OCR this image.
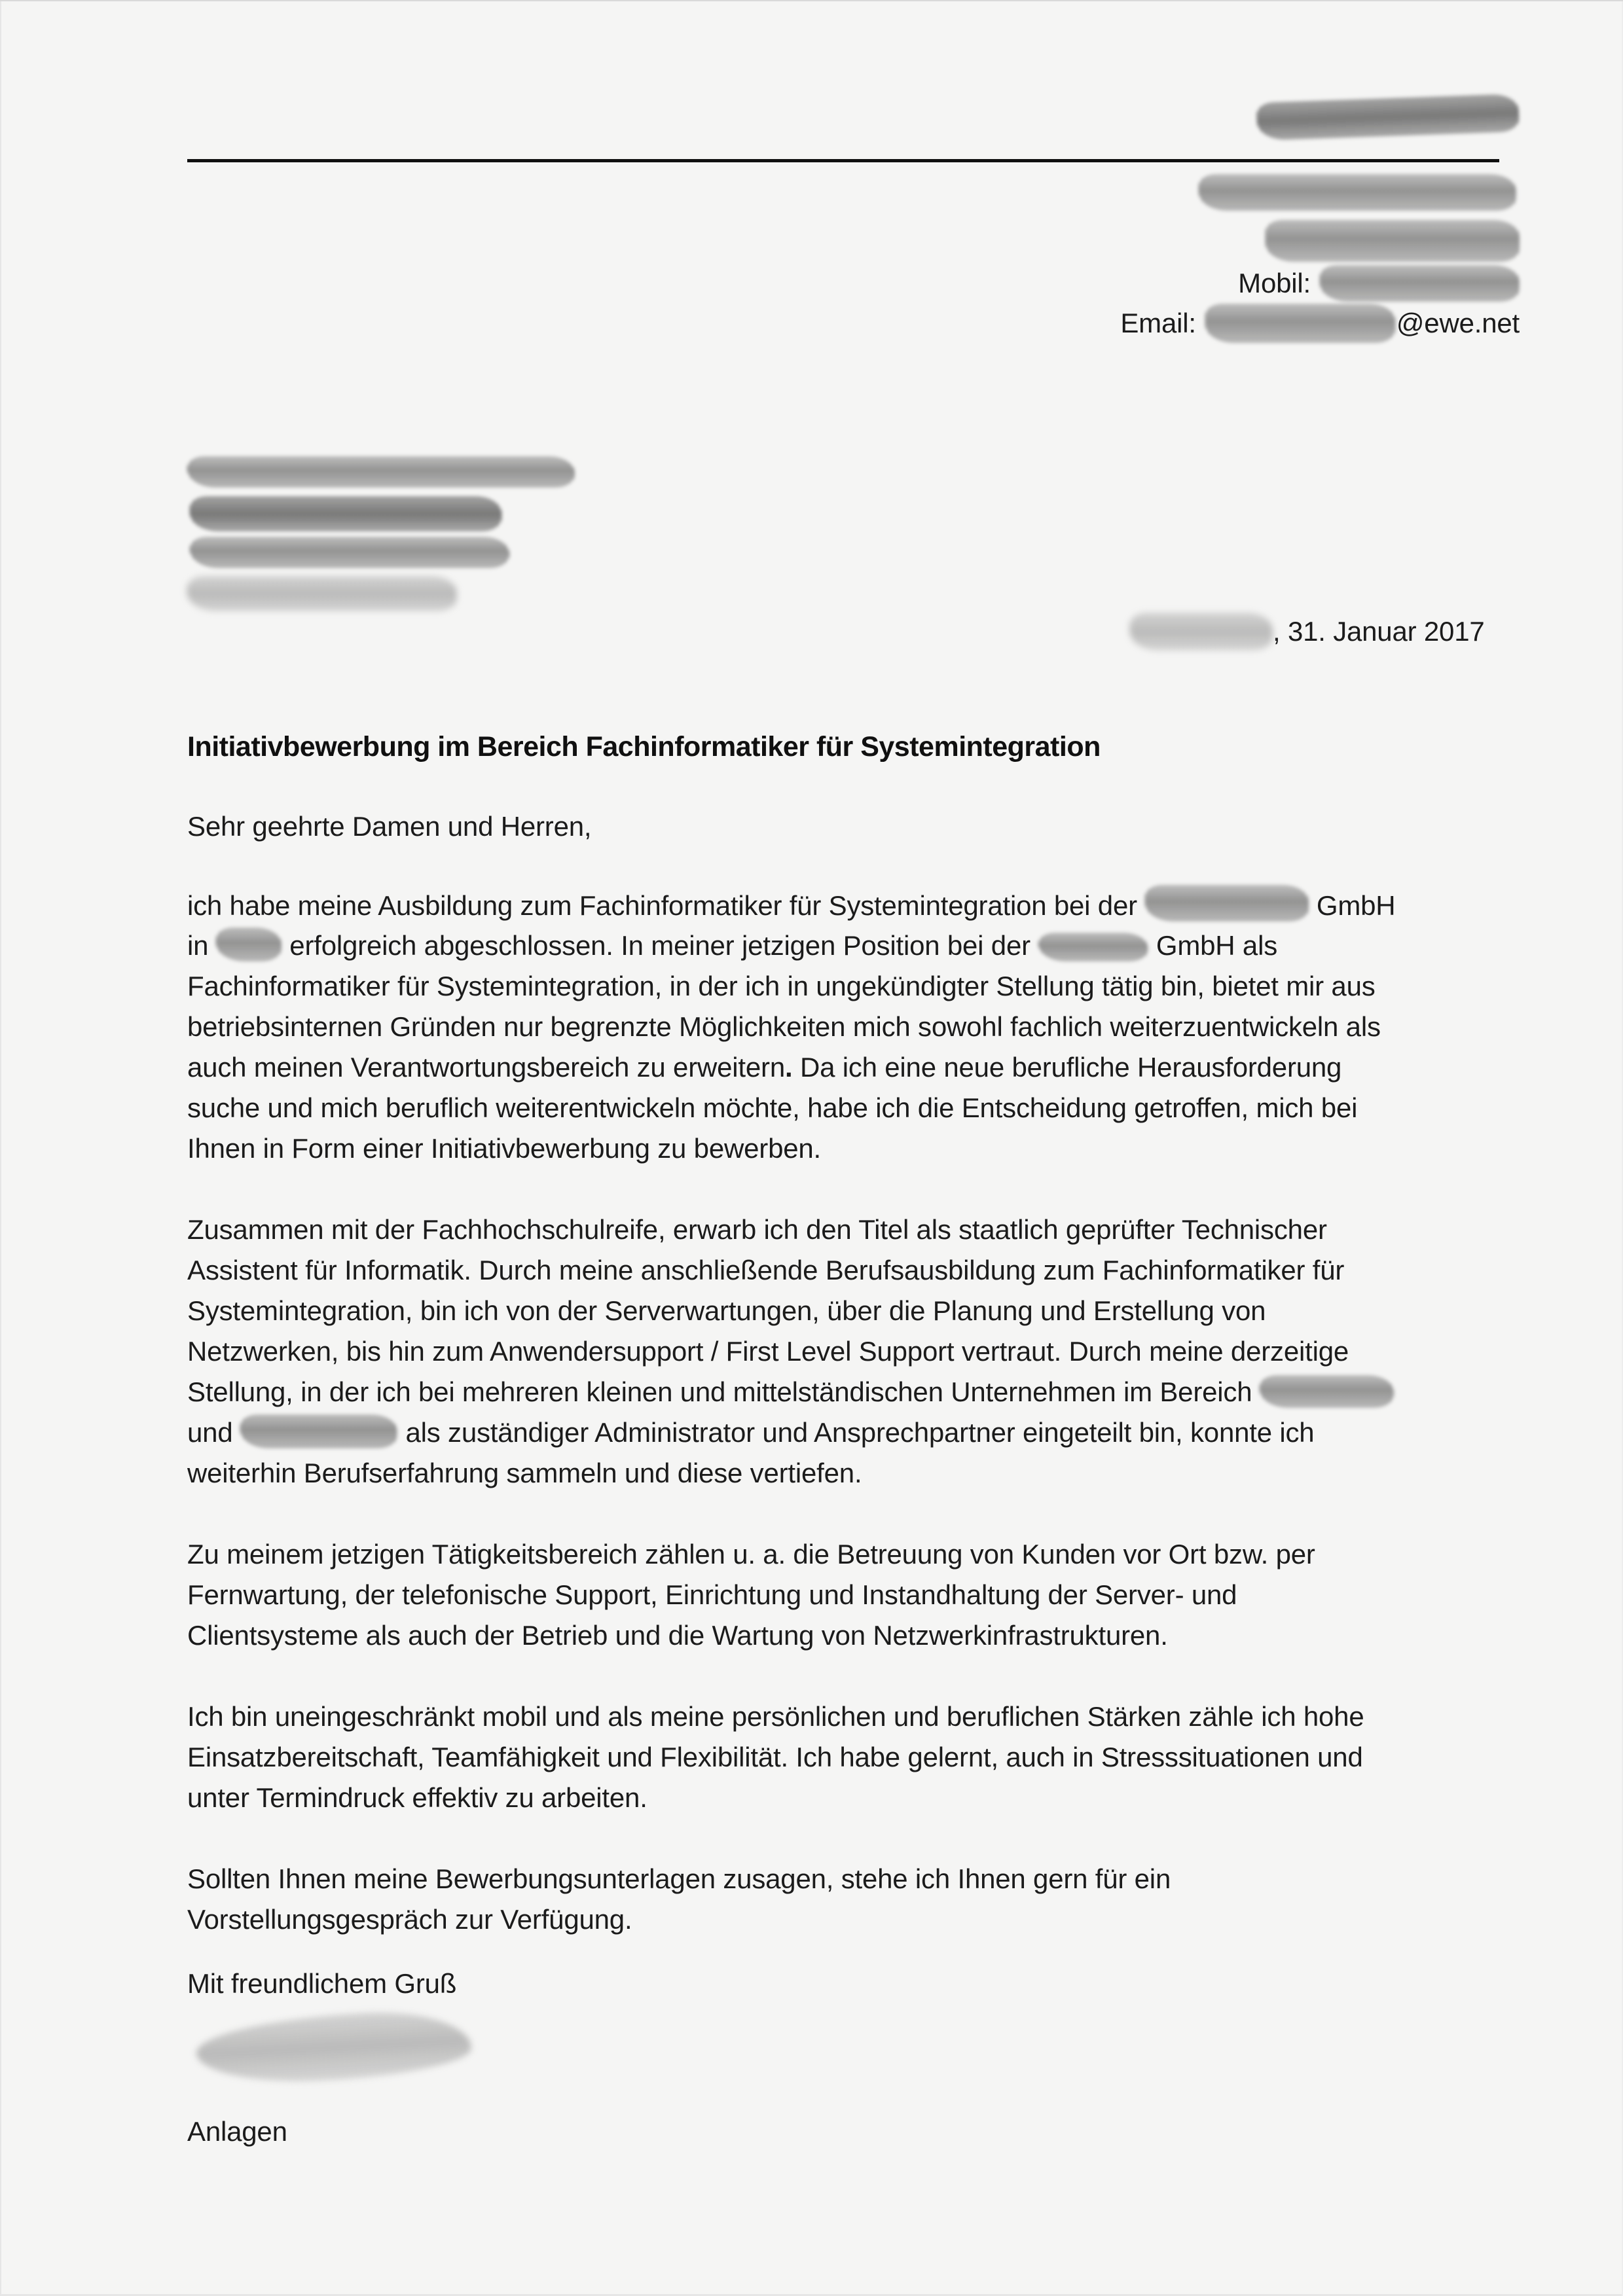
Mobil:
Email:	@ewe.net
, 31. Januar 2017
Initiativbewerbung im Bereich Fachinformatiker für Systemintegration
Sehr geehrte Damen und Herren,
ich habe meine Ausbildung zum Fachinformatiker für Systemintegration bei der	GmbH
in	erfolgreich abgeschlossen. In meiner jetzigen Position bei der	GmbH als
Fachinformatiker für Systemintegration, in der ich in ungekündigter Stellung tätig bin, bietet mir aus
betriebsinternen Gründen nur begrenzte Möglichkeiten mich sowohl fachlich weiterzuentwickeln als
auch meinen Verantwortungsbereich zu erweitern. Da ich eine neue berufliche Herausforderung
suche und mich beruflich weiterentwickeln möchte, habe ich die Entscheidung getroffen, mich bei
Ihnen in Form einer Initiativbewerbung zu bewerben.
Zusammen mit der Fachhochschulreife, erwarb ich den Titel als staatlich geprüfter Technischer
Assistent für Informatik. Durch meine anschließende Berufsausbildung zum Fachinformatiker für
Systemintegration, bin ich von der Serverwartungen, über die Planung und Erstellung von
Netzwerken, bis hin zum Anwendersupport / First Level Support vertraut. Durch meine derzeitige
Stellung, in der ich bei mehreren kleinen und mittelständischen Unternehmen im Bereich
und	als zuständiger Administrator und Ansprechpartner eingeteilt bin, konnte ich
weiterhin Berufserfahrung sammeln und diese vertiefen.
Zu meinem jetzigen Tätigkeitsbereich zählen u. a. die Betreuung von Kunden vor Ort bzw. per
Fernwartung, der telefonische Support, Einrichtung und Instandhaltung der Server- und
Clientsysteme als auch der Betrieb und die Wartung von Netzwerkinfrastrukturen.
Ich bin uneingeschränkt mobil und als meine persönlichen und beruflichen Stärken zähle ich hohe
Einsatzbereitschaft, Teamfähigkeit und Flexibilität. Ich habe gelernt, auch in Stresssituationen und
unter Termindruck effektiv zu arbeiten.
Sollten Ihnen meine Bewerbungsunterlagen zusagen, stehe ich Ihnen gern für ein
Vorstellungsgespräch zur Verfügung.
Mit freundlichem Gruß
Anlagen
